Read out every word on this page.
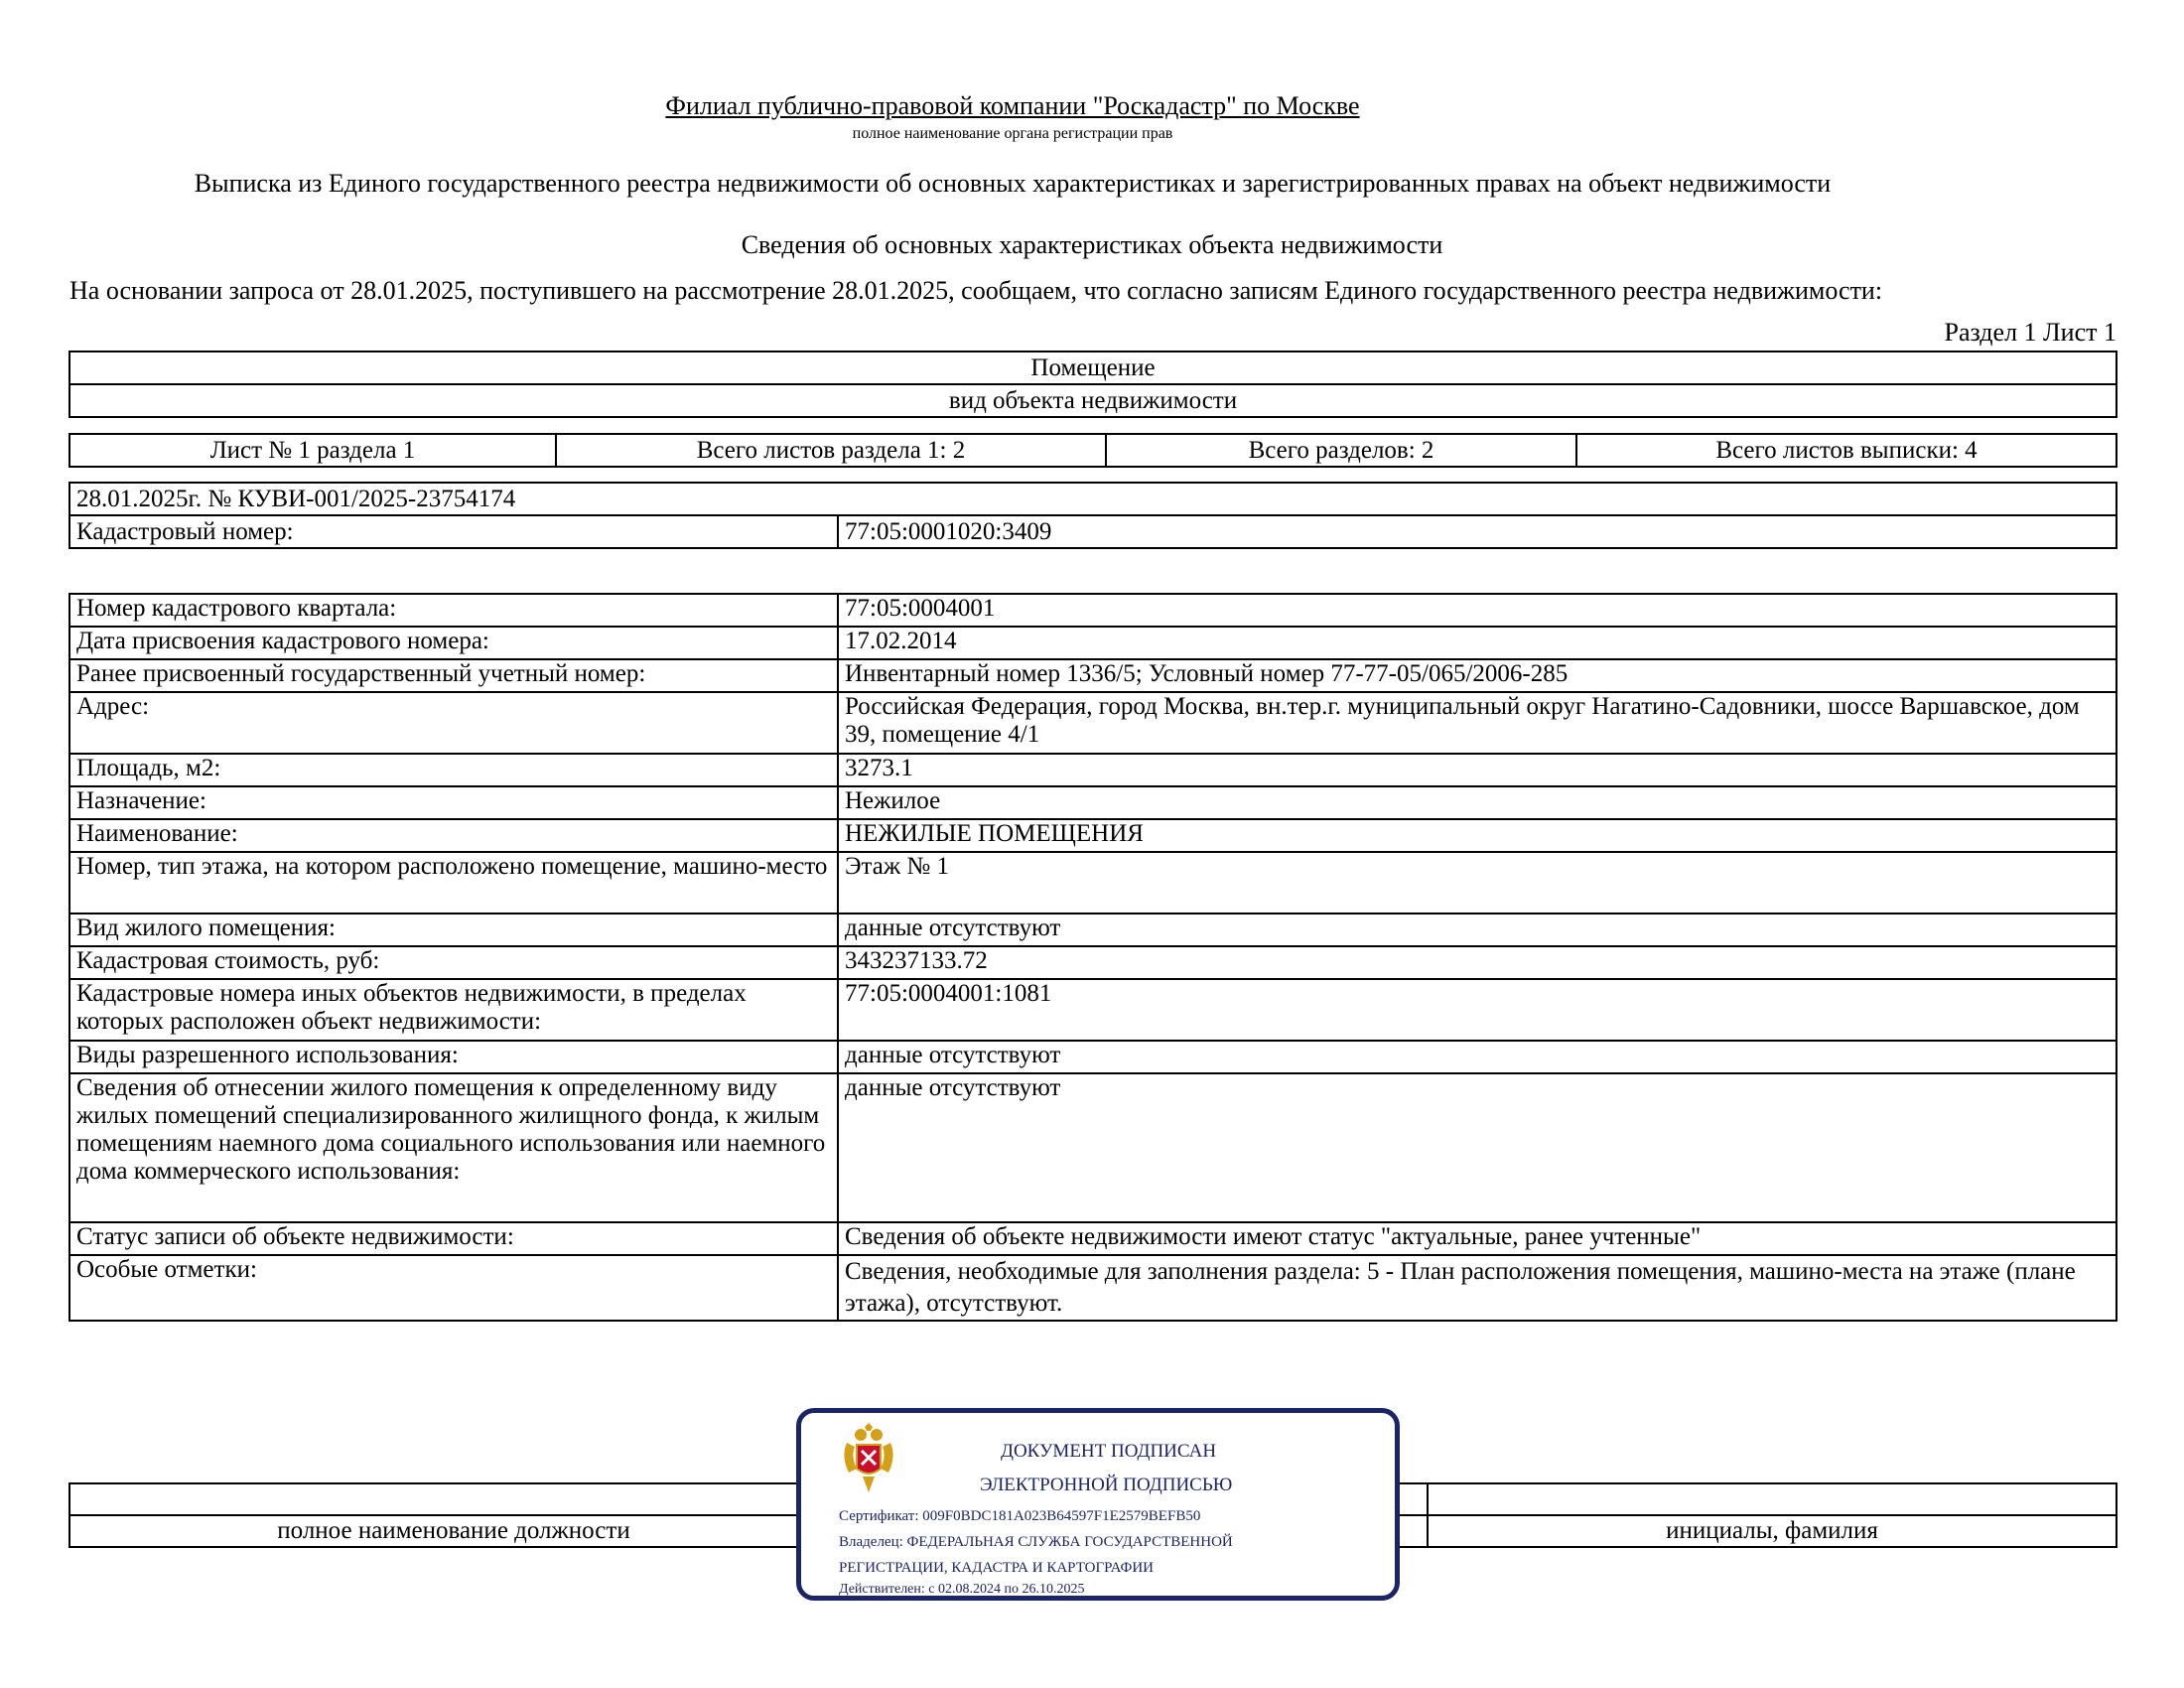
Филиал публично-правовой компании "Роскадастр" по Москве
полное наименование органа регистрации прав
Выписка из Единого государственного реестра недвижимости об основных характеристиках и зарегистрированных правах на объект недвижимости
Сведения об основных характеристиках объекта недвижимости
На основании запроса от 28.01.2025, поступившего на рассмотрение 28.01.2025, сообщаем, что согласно записям Единого государственного реестра недвижимости:
Раздел 1 Лист 1
Помещение
вид объекта недвижимости
Лист № 1 раздела 1	Всего листов раздела 1: 2	Всего разделов: 2	Всего листов выписки: 4
28.01.2025г. № КУВИ-001/2025-23754174
Кадастровый номер:	77:05:0001020:3409
Номер кадастрового квартала:	77:05:0004001
Дата присвоения кадастрового номера:	17.02.2014
Ранее присвоенный государственный учетный номер:	Инвентарный номер 1336/5; Условный номер 77-77-05/065/2006-285
Адрес:	Российская Федерация, город Москва, вн.тер.г. муниципальный округ Нагатино-Садовники, шоссе Варшавское, дом 39, помещение 4/1
Площадь, м2:	3273.1
Назначение:	Нежилое
Наименование:	НЕЖИЛЫЕ ПОМЕЩЕНИЯ
Номер, тип этажа, на котором расположено помещение, машино-место	Этаж № 1
Вид жилого помещения:	данные отсутствуют
Кадастровая стоимость, руб:	343237133.72
Кадастровые номера иных объектов недвижимости, в пределах которых расположен объект недвижимости:	77:05:0004001:1081
Виды разрешенного использования:	данные отсутствуют
Сведения об отнесении жилого помещения к определенному виду жилых помещений специализированного жилищного фонда, к жилым помещениям наемного дома социального использования или наемного дома коммерческого использования:	данные отсутствуют
Статус записи об объекте недвижимости:	Сведения об объекте недвижимости имеют статус "актуальные, ранее учтенные"
Особые отметки:	Сведения, необходимые для заполнения раздела: 5 - План расположения помещения, машино-места на этаже (плане этажа), отсутствуют.

полное наименование должности		инициалы, фамилия
ДОКУМЕНТ ПОДПИСАН
ЭЛЕКТРОННОЙ ПОДПИСЬЮ
Сертификат: 009F0BDC181A023B64597F1E2579BEFB50
Владелец: ФЕДЕРАЛЬНАЯ СЛУЖБА ГОСУДАРСТВЕННОЙ
РЕГИСТРАЦИИ, КАДАСТРА И КАРТОГРАФИИ
Действителен: с 02.08.2024 по 26.10.2025
